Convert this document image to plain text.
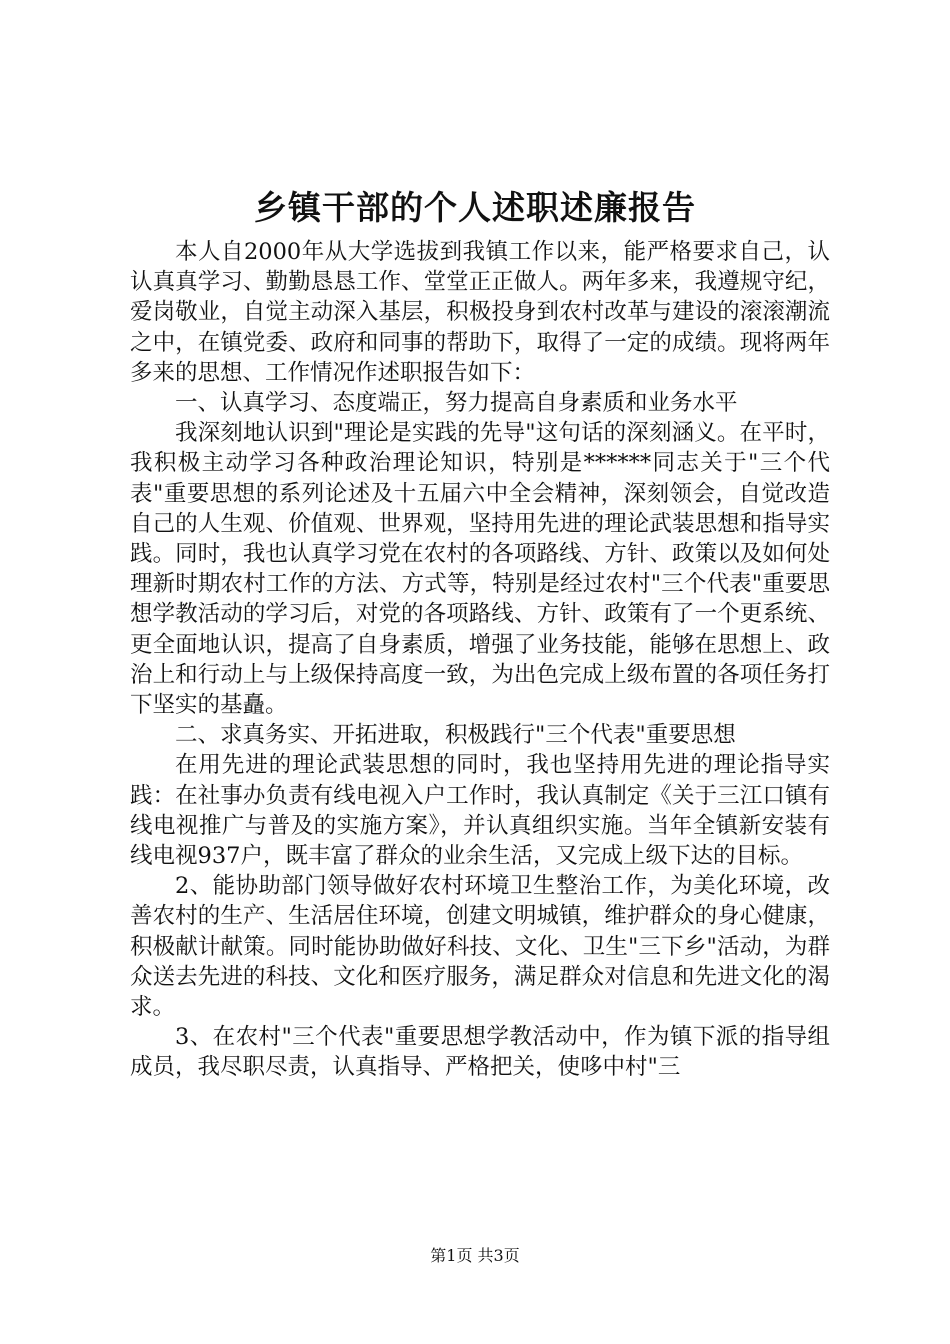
乡镇干部的个人述职述廉报告

本人自2000年从大学选拔到我镇工作以来，能严格要求自己，认认真真学习、勤勤恳恳工作、堂堂正正做人。两年多来，我遵规守纪，爱岗敬业，自觉主动深入基层，积极投身到农村改革与建设的滚滚潮流之中，在镇党委、政府和同事的帮助下，取得了一定的成绩。现将两年多来的思想、工作情况作述职报告如下：

一、认真学习、态度端正，努力提高自身素质和业务水平

我深刻地认识到"理论是实践的先导"这句话的深刻涵义。在平时，我积极主动学习各种政治理论知识，特别是******同志关于"三个代表"重要思想的系列论述及十五届六中全会精神，深刻领会，自觉改造自己的人生观、价值观、世界观，坚持用先进的理论武装思想和指导实践。同时，我也认真学习党在农村的各项路线、方针、政策以及如何处理新时期农村工作的方法、方式等，特别是经过农村"三个代表"重要思想学教活动的学习后，对党的各项路线、方针、政策有了一个更系统、更全面地认识，提高了自身素质，增强了业务技能，能够在思想上、政治上和行动上与上级保持高度一致，为出色完成上级布置的各项任务打下坚实的基矗。

二、求真务实、开拓进取，积极践行"三个代表"重要思想

在用先进的理论武装思想的同时，我也坚持用先进的理论指导实践：在社事办负责有线电视入户工作时，我认真制定《关于三江口镇有线电视推广与普及的实施方案》，并认真组织实施。当年全镇新安装有线电视937户，既丰富了群众的业余生活，又完成上级下达的目标。

2、能协助部门领导做好农村环境卫生整治工作，为美化环境，改善农村的生产、生活居住环境，创建文明城镇，维护群众的身心健康，积极献计献策。同时能协助做好科技、文化、卫生"三下乡"活动，为群众送去先进的科技、文化和医疗服务，满足群众对信息和先进文化的渴求。

3、在农村"三个代表"重要思想学教活动中，作为镇下派的指导组成员，我尽职尽责，认真指导、严格把关，使哆中村"三

第1页 共3页
